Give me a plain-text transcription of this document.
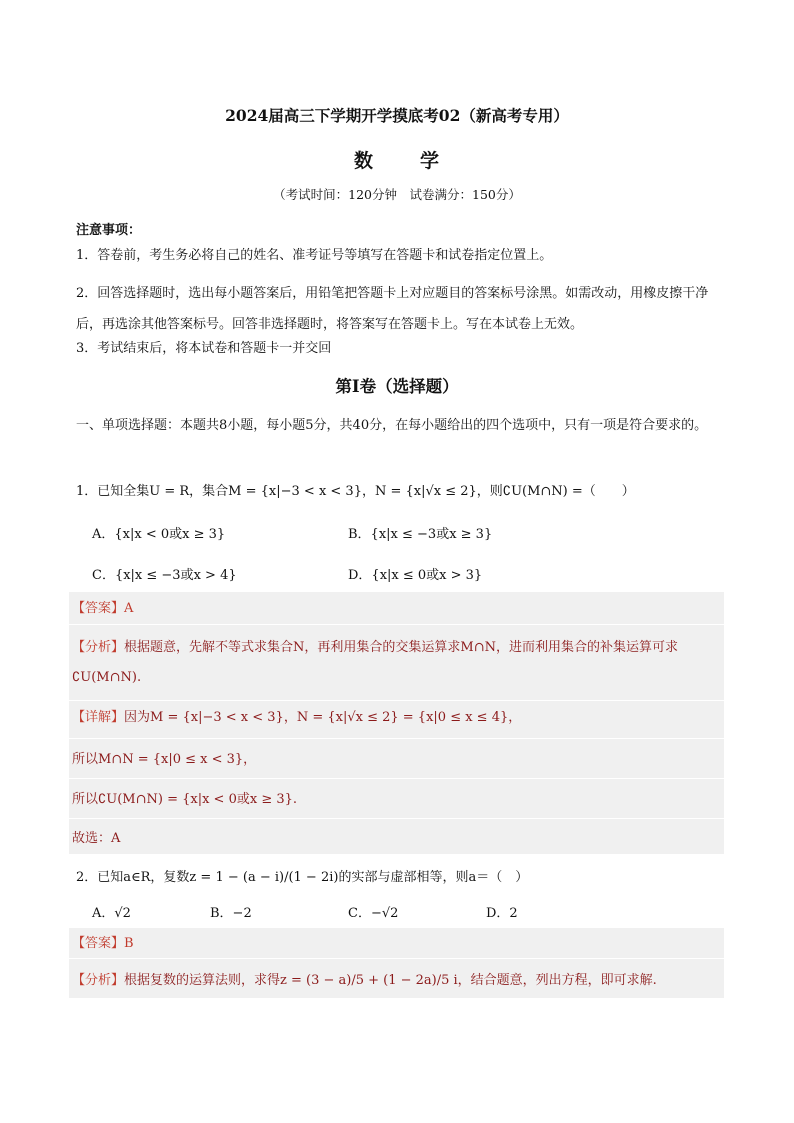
2024届高三下学期开学摸底考02（新高考专用）
数 学
（考试时间：120分钟　试卷满分：150分）
注意事项：
1．答卷前，考生务必将自己的姓名、准考证号等填写在答题卡和试卷指定位置上。
2．回答选择题时，选出每小题答案后，用铅笔把答题卡上对应题目的答案标号涂黑。如需改动，用橡皮擦干净后，再选涂其他答案标号。回答非选择题时，将答案写在答题卡上。写在本试卷上无效。
3．考试结束后，将本试卷和答题卡一并交回
第Ⅰ卷（选择题）
一、单项选择题：本题共8小题，每小题5分，共40分，在每小题给出的四个选项中，只有一项是符合要求的。
1．已知全集U = R，集合M = {x|−3 < x < 3}，N = {x|√x ≤ 2}，则∁U(M∩N) =（　　）
A．{x|x < 0或x ≥ 3}	B．{x|x ≤ −3或x ≥ 3}
C．{x|x ≤ −3或x > 4}	D．{x|x ≤ 0或x > 3}
【答案】A
【分析】根据题意，先解不等式求集合N，再利用集合的交集运算求M∩N，进而利用集合的补集运算可求∁U(M∩N).
【详解】因为M = {x|−3 < x < 3}，N = {x|√x ≤ 2} = {x|0 ≤ x ≤ 4}，
所以M∩N = {x|0 ≤ x < 3}，
所以∁U(M∩N) = {x|x < 0或x ≥ 3}.
故选：A
2．已知a∈R，复数z = 1 − (a − i)/(1 − 2i)的实部与虚部相等，则a＝（　）
A．√2	B．−2	C．−√2	D．2
【答案】B
【分析】根据复数的运算法则，求得z = (3 − a)/5 + (1 − 2a)/5 i，结合题意，列出方程，即可求解.
